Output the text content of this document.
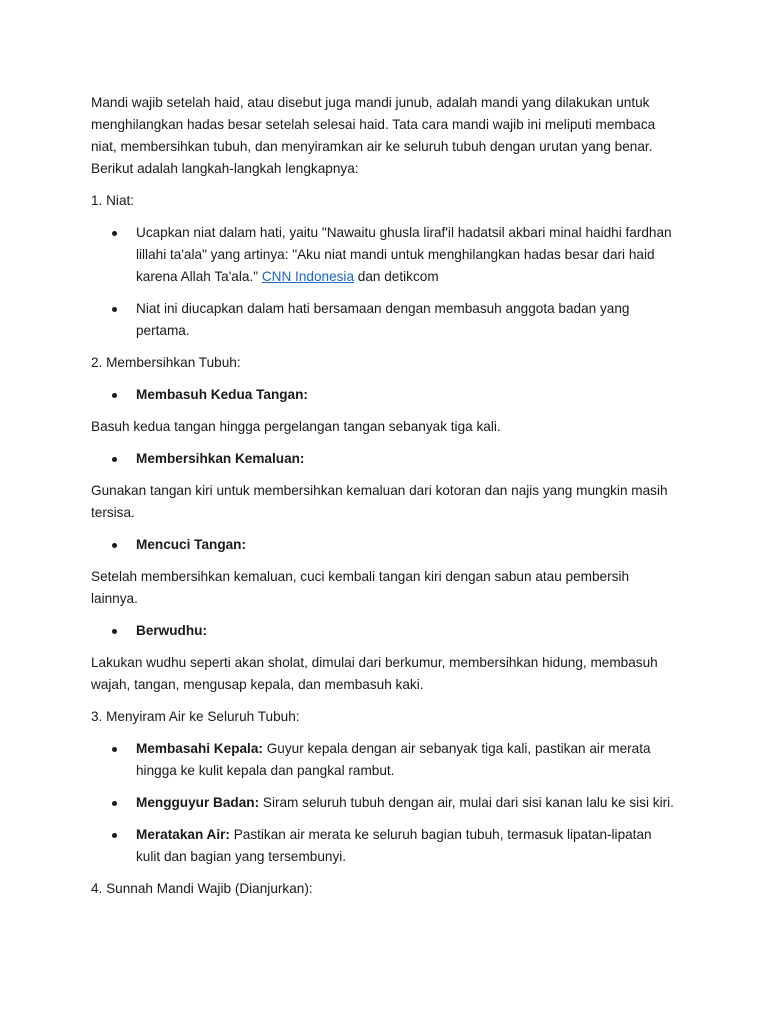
Mandi wajib setelah haid, atau disebut juga mandi junub, adalah mandi yang dilakukan untuk menghilangkan hadas besar setelah selesai haid. Tata cara mandi wajib ini meliputi membaca niat, membersihkan tubuh, dan menyiramkan air ke seluruh tubuh dengan urutan yang benar. Berikut adalah langkah-langkah lengkapnya:

1. Niat:

Ucapkan niat dalam hati, yaitu "Nawaitu ghusla liraf'il hadatsil akbari minal haidhi fardhan lillahi ta'ala" yang artinya: "Aku niat mandi untuk menghilangkan hadas besar dari haid karena Allah Ta'ala." CNN Indonesia dan detikcom
Niat ini diucapkan dalam hati bersamaan dengan membasuh anggota badan yang pertama.

2. Membersihkan Tubuh:

Membasuh Kedua Tangan:

Basuh kedua tangan hingga pergelangan tangan sebanyak tiga kali.

Membersihkan Kemaluan:

Gunakan tangan kiri untuk membersihkan kemaluan dari kotoran dan najis yang mungkin masih tersisa.

Mencuci Tangan:

Setelah membersihkan kemaluan, cuci kembali tangan kiri dengan sabun atau pembersih lainnya.

Berwudhu:

Lakukan wudhu seperti akan sholat, dimulai dari berkumur, membersihkan hidung, membasuh wajah, tangan, mengusap kepala, dan membasuh kaki.

3. Menyiram Air ke Seluruh Tubuh:

Membasahi Kepala: Guyur kepala dengan air sebanyak tiga kali, pastikan air merata hingga ke kulit kepala dan pangkal rambut.
Mengguyur Badan: Siram seluruh tubuh dengan air, mulai dari sisi kanan lalu ke sisi kiri.
Meratakan Air: Pastikan air merata ke seluruh bagian tubuh, termasuk lipatan-lipatan kulit dan bagian yang tersembunyi.

4. Sunnah Mandi Wajib (Dianjurkan):
